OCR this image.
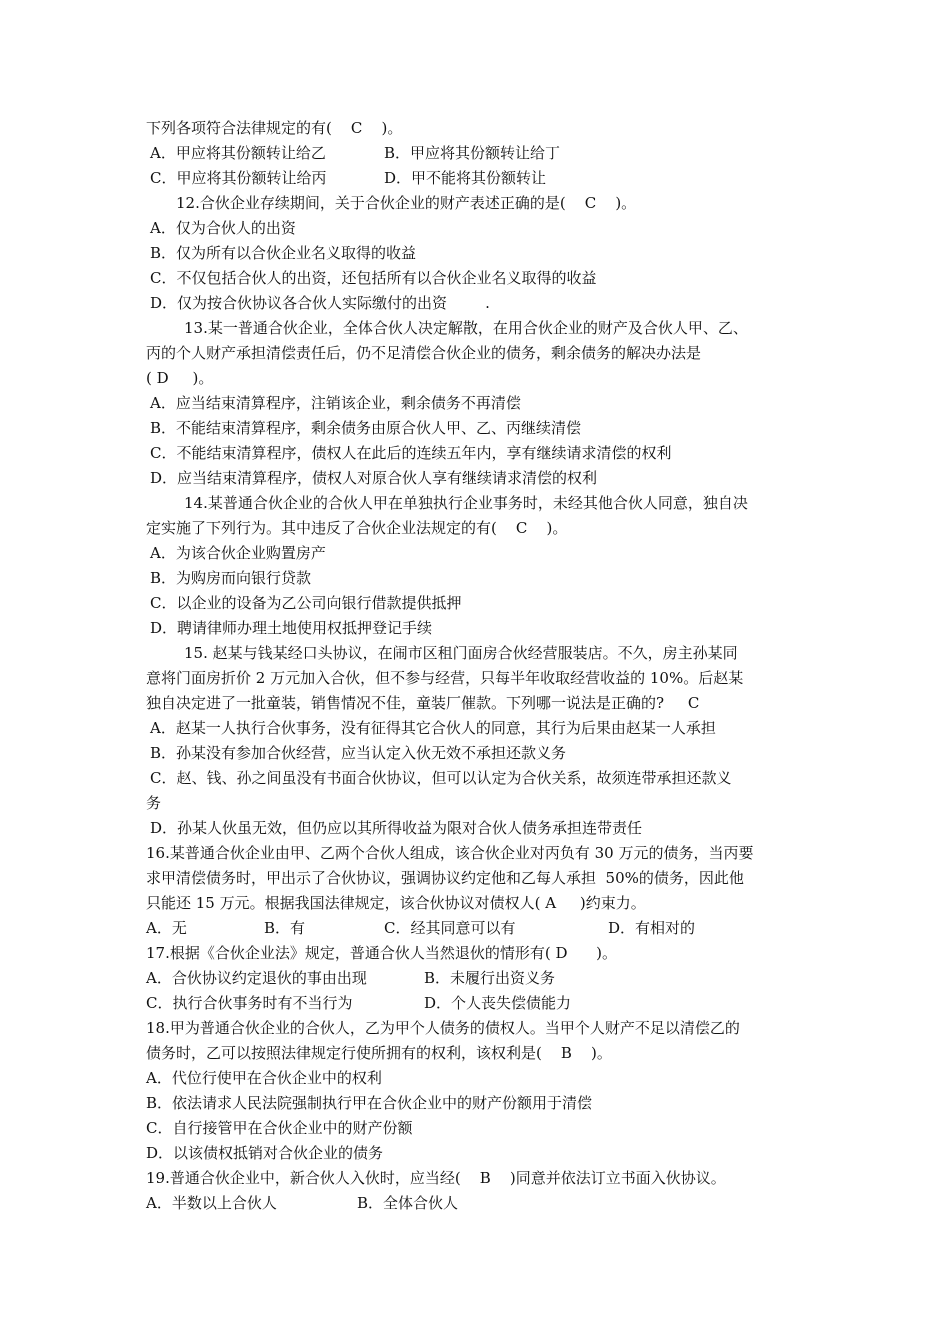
下列各项符合法律规定的有(    C    )。
A．甲应将其份额转让给乙	B．甲应将其份额转让给丁
C．甲应将其份额转让给丙	D．甲不能将其份额转让
12.合伙企业存续期间，关于合伙企业的财产表述正确的是(    C    )。
A．仅为合伙人的出资
B．仅为所有以合伙企业名义取得的收益
C．不仅包括合伙人的出资，还包括所有以合伙企业名义取得的收益
D．仅为按合伙协议各合伙人实际缴付的出资        .
13.某一普通合伙企业，全体合伙人决定解散，在用合伙企业的财产及合伙人甲、乙、
丙的个人财产承担清偿责任后，仍不足清偿合伙企业的债务，剩余债务的解决办法是
( D     )。
A．应当结束清算程序，注销该企业，剩余债务不再清偿
B．不能结束清算程序，剩余债务由原合伙人甲、乙、丙继续清偿
C．不能结束清算程序，债权人在此后的连续五年内，享有继续请求清偿的权利
D．应当结束清算程序，债权人对原合伙人享有继续请求清偿的权利
14.某普通合伙企业的合伙人甲在单独执行企业事务时，未经其他合伙人同意，独自决
定实施了下列行为。其中违反了合伙企业法规定的有(    C    )。
A．为该合伙企业购置房产
B．为购房而向银行贷款
C．以企业的设备为乙公司向银行借款提供抵押
D．聘请律师办理土地使用权抵押登记手续
15. 赵某与钱某经口头协议，在闹市区租门面房合伙经营服装店。不久，房主孙某同
意将门面房折价 2 万元加入合伙，但不参与经营，只每半年收取经营收益的 10%。后赵某
独自决定进了一批童装，销售情况不佳，童装厂催款。下列哪一说法是正确的?     C
A．赵某一人执行合伙事务，没有征得其它合伙人的同意，其行为后果由赵某一人承担
B．孙某没有参加合伙经营，应当认定入伙无效不承担还款义务
C．赵、钱、孙之间虽没有书面合伙协议，但可以认定为合伙关系，故须连带承担还款义
务
D．孙某人伙虽无效，但仍应以其所得收益为限对合伙人债务承担连带责任
16.某普通合伙企业由甲、乙两个合伙人组成，该合伙企业对丙负有 30 万元的债务，当丙要
求甲清偿债务时，甲出示了合伙协议，强调协议约定他和乙每人承担  50%的债务，因此他
只能还 15 万元。根据我国法律规定，该合伙协议对债权人( A     )约束力。
A．无	B．有	C．经其同意可以有	D．有相对的
17.根据《合伙企业法》规定，普通合伙人当然退伙的情形有( D      )。
A．合伙协议约定退伙的事由出现	B．未履行出资义务
C．执行合伙事务时有不当行为	D．个人丧失偿债能力
18.甲为普通合伙企业的合伙人，乙为甲个人债务的债权人。当甲个人财产不足以清偿乙的
债务时，乙可以按照法律规定行使所拥有的权利，该权利是(    B    )。
A．代位行使甲在合伙企业中的权利
B．依法请求人民法院强制执行甲在合伙企业中的财产份额用于清偿
C．自行接管甲在合伙企业中的财产份额
D．以该债权抵销对合伙企业的债务
19.普通合伙企业中，新合伙人入伙时，应当经(    B    )同意并依法订立书面入伙协议。
A．半数以上合伙人	B．全体合伙人
